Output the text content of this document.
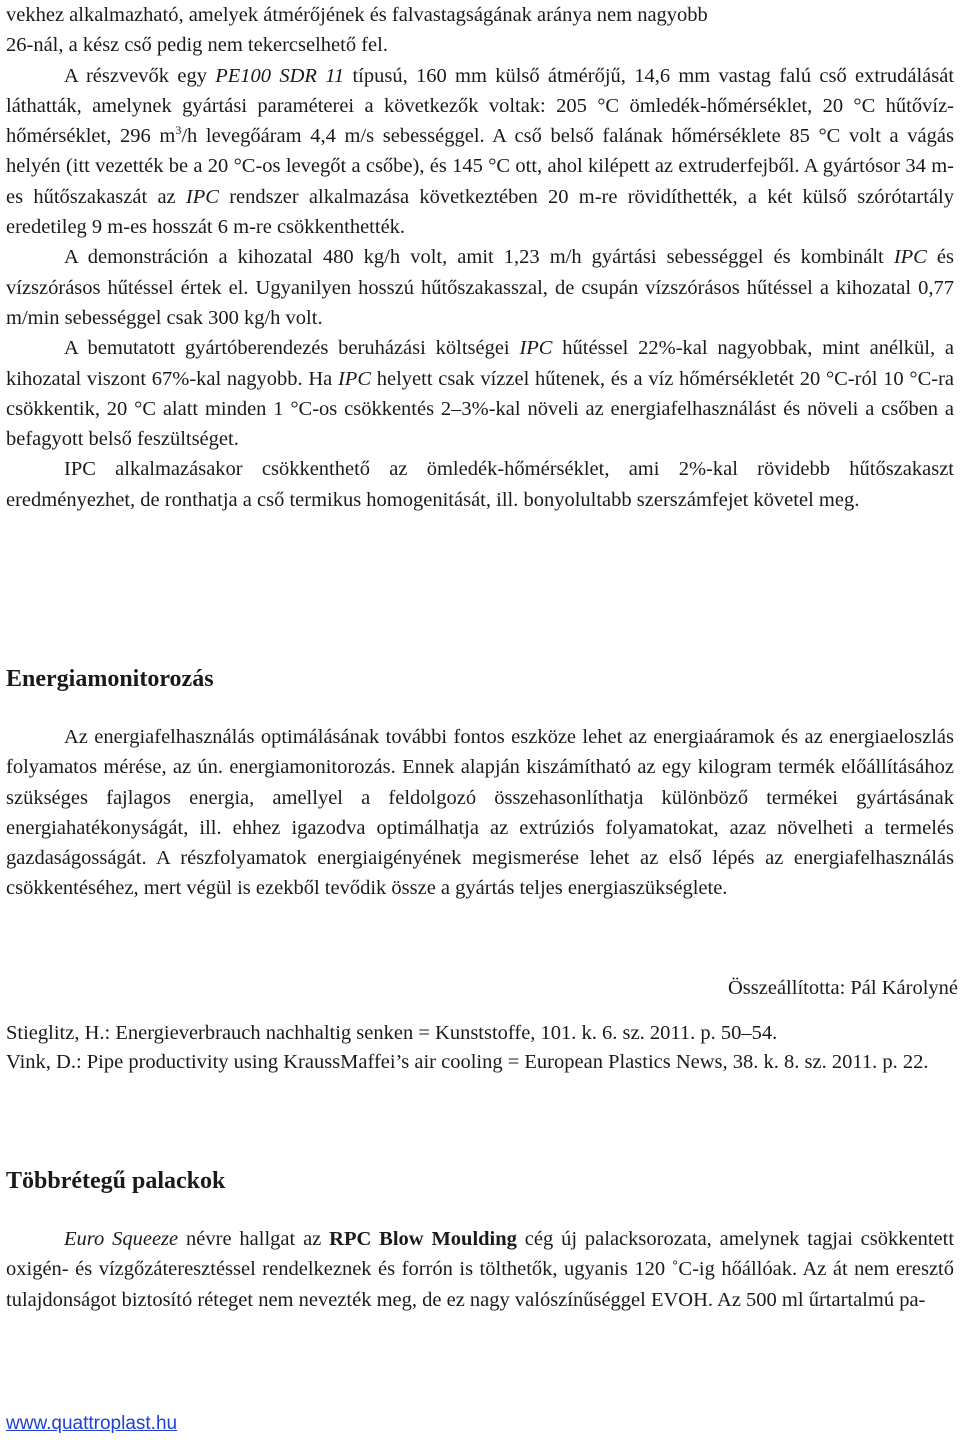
vekhez alkalmazható, amelyek átmérőjének és falvastagságának aránya nem nagyobb
26-nál, a kész cső pedig nem tekercselhető fel.

A részvevők egy PE100 SDR 11 típusú, 160 mm külső átmérőjű, 14,6 mm vastag falú cső extrudálását láthatták, amelynek gyártási paraméterei a következők voltak: 205 °C ömledék-hőmérséklet, 20 °C hűtővíz-hőmérséklet, 296 $m^3/h$ levegőáram 4,4 m/s sebességgel. A cső belső falának hőmérséklete 85 °C volt a vágás helyén (itt vezették be a 20 °C-os levegőt a csőbe), és 145 °C ott, ahol kilépett az extruderfejből. A gyártósor 34 m-es hűtőszakaszát az IPC rendszer alkalmazása következtében 20 m-re rövidíthették, a két külső szórótartály eredetileg 9 m-es hosszát 6 m-re csökkenthették.

A demonstráción a kihozatal 480 kg/h volt, amit 1,23 m/h gyártási sebességgel és kombinált IPC és vízszórásos hűtéssel értek el. Ugyanilyen hosszú hűtőszakasszal, de csupán vízszórásos hűtéssel a kihozatal 0,77 m/min sebességgel csak 300 kg/h volt.

A bemutatott gyártóberendezés beruházási költségei IPC hűtéssel 22%-kal nagyobbak, mint anélkül, a kihozatal viszont 67%-kal nagyobb. Ha IPC helyett csak vízzel hűtenek, és a víz hőmérsékletét 20 °C-ról 10 °C-ra csökkentik, 20 °C alatt minden 1 °C-os csökkentés 2–3%-kal növeli az energiafelhasználást és növeli a csőben a befagyott belső feszültséget.

IPC alkalmazásakor csökkenthető az ömledék-hőmérséklet, ami 2%-kal rövidebb hűtőszakaszt eredményezhet, de ronthatja a cső termikus homogenitását, ill. bonyolultabb szerszámfejet követel meg.

Energiamonitorozás

Az energiafelhasználás optimálásának további fontos eszköze lehet az energiaáramok és az energiaeloszlás folyamatos mérése, az ún. energiamonitorozás. Ennek alapján kiszámítható az egy kilogram termék előállításához szükséges fajlagos energia, amellyel a feldolgozó összehasonlíthatja különböző termékei gyártásának energiahatékonyságát, ill. ehhez igazodva optimálhatja az extrúziós folyamatokat, azaz növelheti a termelés gazdaságosságát. A részfolyamatok energiaigényének megismerése lehet az első lépés az energiafelhasználás csökkentéséhez, mert végül is ezekből tevődik össze a gyártás teljes energiaszükséglete.

Összeállította: Pál Károlyné

Stieglitz, H.: Energieverbrauch nachhaltig senken = Kunststoffe, 101. k. 6. sz. 2011. p. 50–54.

Vink, D.: Pipe productivity using KraussMaffei’s air cooling = European Plastics News, 38. k. 8. sz. 2011. p. 22.

Többrétegű palackok

Euro Squeeze névre hallgat az RPC Blow Moulding cég új palacksorozata, amelynek tagjai csökkentett oxigén- és vízgőzáteresztéssel rendelkeznek és forrón is tölthetők, ugyanis 120 ˚C-ig hőállóak. Az át nem eresztő tulajdonságot biztosító réteget nem nevezték meg, de ez nagy valószínűséggel EVOH. Az 500 ml űrtartalmú pa-

www.quattroplast.hu
